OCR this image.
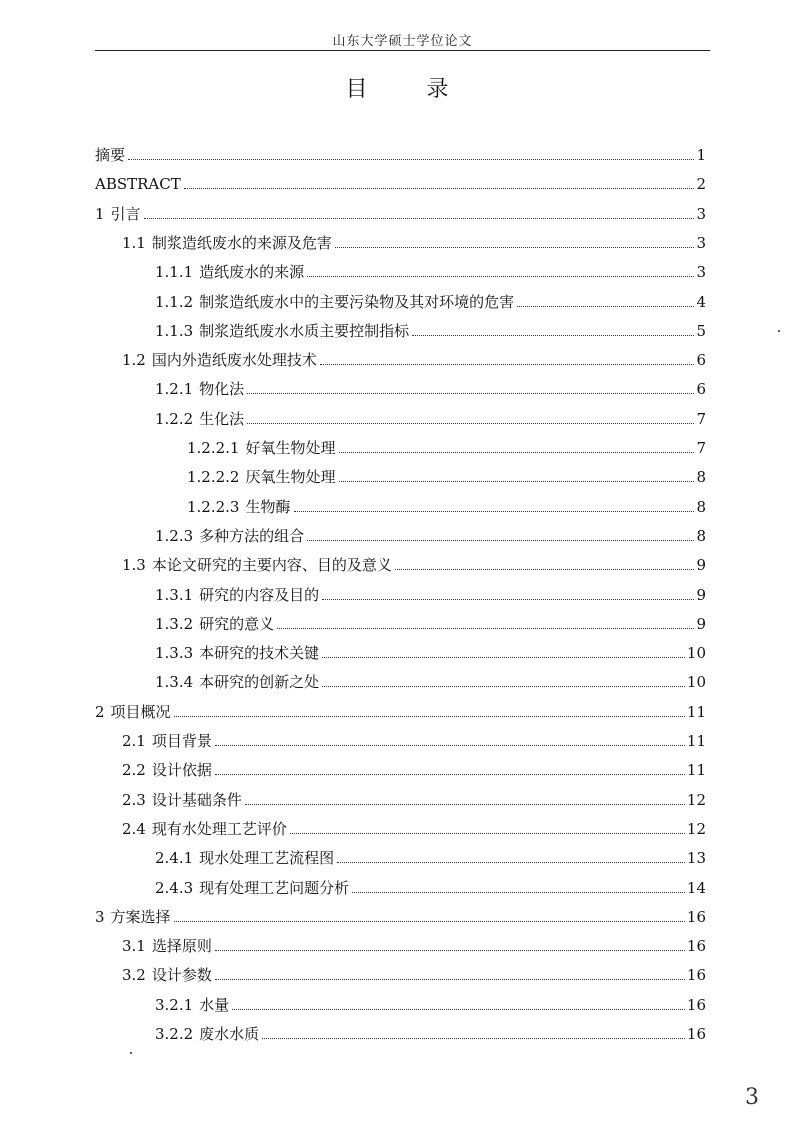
山东大学硕士学位论文
目 录
摘要	1
ABSTRACT	2
1 引言	3
1.1 制浆造纸废水的来源及危害	3
1.1.1 造纸废水的来源	3
1.1.2 制浆造纸废水中的主要污染物及其对环境的危害	4
1.1.3 制浆造纸废水水质主要控制指标	5
1.2 国内外造纸废水处理技术	6
1.2.1 物化法	6
1.2.2 生化法	7
1.2.2.1 好氧生物处理	7
1.2.2.2 厌氧生物处理	8
1.2.2.3 生物酶	8
1.2.3 多种方法的组合	8
1.3 本论文研究的主要内容、目的及意义	9
1.3.1 研究的内容及目的	9
1.3.2 研究的意义	9
1.3.3 本研究的技术关键	10
1.3.4 本研究的创新之处	10
2 项目概况	11
2.1 项目背景	11
2.2 设计依据	11
2.3 设计基础条件	12
2.4 现有水处理工艺评价	12
2.4.1 现水处理工艺流程图	13
2.4.3 现有处理工艺问题分析	14
3 方案选择	16
3.1 选择原则	16
3.2 设计参数	16
3.2.1 水量	16
3.2.2 废水水质	16
3
